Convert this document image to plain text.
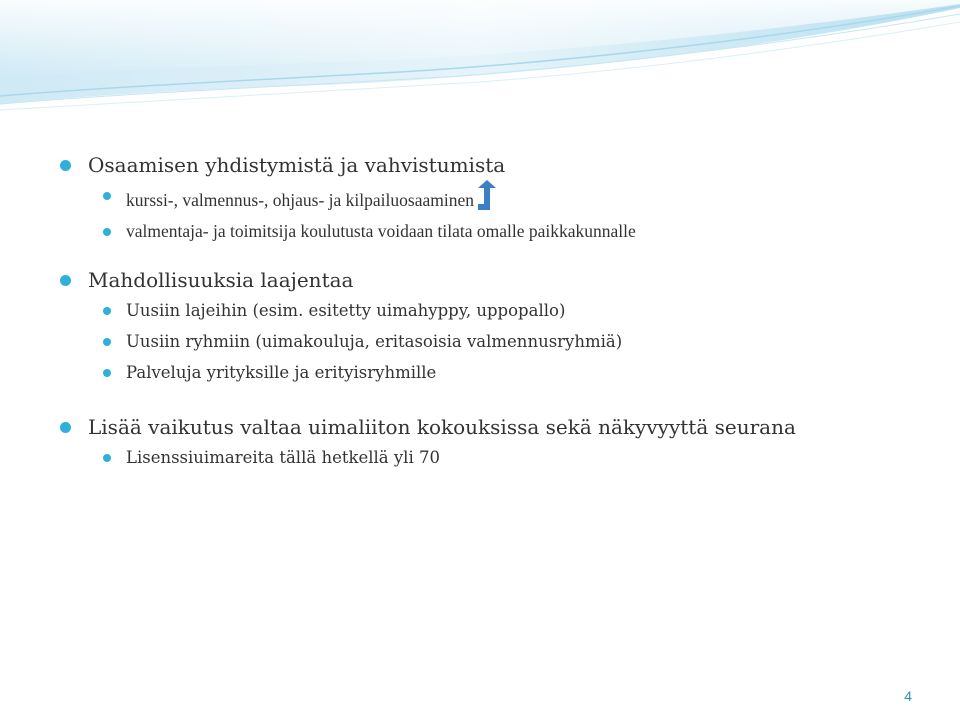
Osaamisen yhdistymistä ja vahvistumista
kurssi-, valmennus-, ohjaus- ja kilpailuosaaminen
valmentaja- ja toimitsija koulutusta voidaan tilata omalle paikkakunnalle
Mahdollisuuksia laajentaa
Uusiin lajeihin (esim. esitetty uimahyppy, uppopallo)
Uusiin ryhmiin (uimakouluja, eritasoisia valmennusryhmiä)
Palveluja yrityksille ja erityisryhmille
Lisää vaikutus valtaa uimaliiton kokouksissa sekä näkyvyyttä seurana
Lisenssiuimareita tällä hetkellä yli 70
4
